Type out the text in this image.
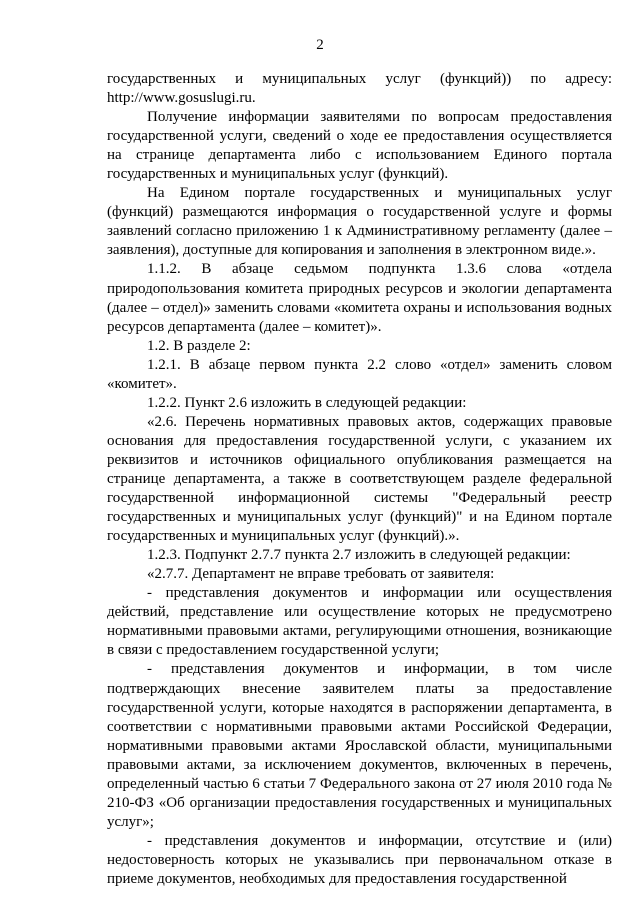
2

государственных и муниципальных услуг (функций)) по адресу: http://www.gosuslugi.ru.

Получение информации заявителями по вопросам предоставления государственной услуги, сведений о ходе ее предоставления осуществляется на странице департамента либо с использованием Единого портала государственных и муниципальных услуг (функций).

На Едином портале государственных и муниципальных услуг (функций) размещаются информация о государственной услуге и формы заявлений согласно приложению 1 к Административному регламенту (далее – заявления), доступные для копирования и заполнения в электронном виде.».

1.1.2. В абзаце седьмом подпункта 1.3.6 слова «отдела природопользования комитета природных ресурсов и экологии департамента (далее – отдел)» заменить словами «комитета охраны и использования водных ресурсов департамента (далее – комитет)».

1.2. В разделе 2:

1.2.1. В абзаце первом пункта 2.2 слово «отдел» заменить словом «комитет».

1.2.2. Пункт 2.6 изложить в следующей редакции:

«2.6. Перечень нормативных правовых актов, содержащих правовые основания для предоставления государственной услуги, с указанием их реквизитов и источников официального опубликования размещается на странице департамента, а также в соответствующем разделе федеральной государственной информационной системы "Федеральный реестр государственных и муниципальных услуг (функций)" и на Едином портале государственных и муниципальных услуг (функций).».

1.2.3. Подпункт 2.7.7 пункта 2.7 изложить в следующей редакции:

«2.7.7. Департамент не вправе требовать от заявителя:

- представления документов и информации или осуществления действий, представление или осуществление которых не предусмотрено нормативными правовыми актами, регулирующими отношения, возникающие в связи с предоставлением государственной услуги;

- представления документов и информации, в том числе подтверждающих внесение заявителем платы за предоставление государственной услуги, которые находятся в распоряжении департамента, в соответствии с нормативными правовыми актами Российской Федерации, нормативными правовыми актами Ярославской области, муниципальными правовыми актами, за исключением документов, включенных в перечень, определенный частью 6 статьи 7 Федерального закона от 27 июля 2010 года № 210-ФЗ «Об организации предоставления государственных и муниципальных услуг»;

- представления документов и информации, отсутствие и (или) недостоверность которых не указывались при первоначальном отказе в приеме документов, необходимых для предоставления государственной
